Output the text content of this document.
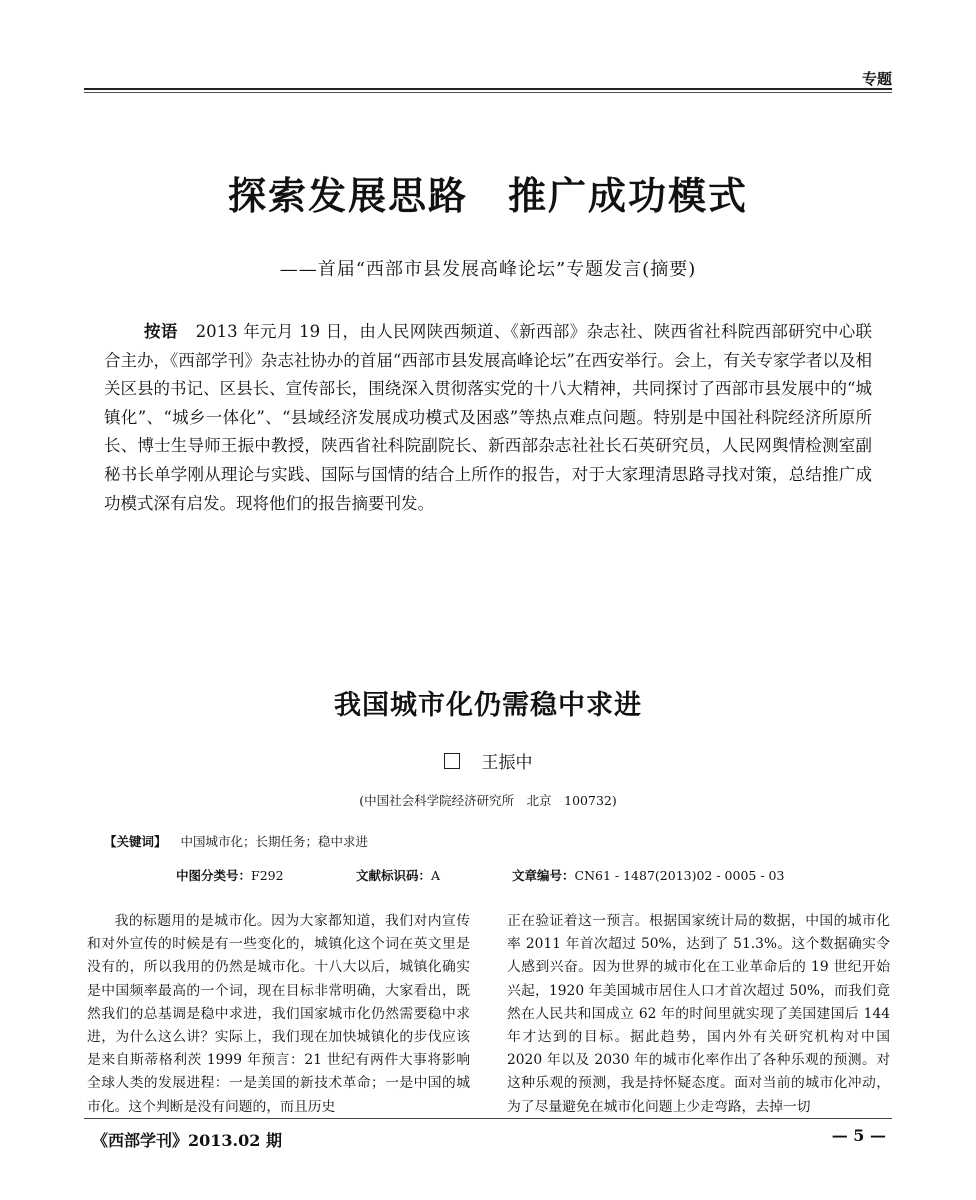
专题
探索发展思路　推广成功模式
——首届“西部市县发展高峰论坛”专题发言(摘要)
按语 2013 年元月 19 日，由人民网陕西频道、《新西部》杂志社、陕西省社科院西部研究中心联合主办，《西部学刊》杂志社协办的首届“西部市县发展高峰论坛”在西安举行。会上，有关专家学者以及相关区县的书记、区县长、宣传部长，围绕深入贯彻落实党的十八大精神，共同探讨了西部市县发展中的“城镇化”、“城乡一体化”、“县域经济发展成功模式及困惑”等热点难点问题。特别是中国社科院经济所原所长、博士生导师王振中教授，陕西省社科院副院长、新西部杂志社社长石英研究员，人民网舆情检测室副秘书长单学刚从理论与实践、国际与国情的结合上所作的报告，对于大家理清思路寻找对策，总结推广成功模式深有启发。现将他们的报告摘要刊发。
我国城市化仍需稳中求进
王振中
(中国社会科学院经济研究所　北京　100732)
【关键词】 中国城市化；长期任务；稳中求进
中图分类号：F292	文献标识码：A	文章编号：CN61 - 1487(2013)02 - 0005 - 03
我的标题用的是城市化。因为大家都知道，我们对内宣传和对外宣传的时候是有一些变化的，城镇化这个词在英文里是没有的，所以我用的仍然是城市化。十八大以后，城镇化确实是中国频率最高的一个词，现在目标非常明确，大家看出，既然我们的总基调是稳中求进，我们国家城市化仍然需要稳中求进，为什么这么讲？实际上，我们现在加快城镇化的步伐应该是来自斯蒂格利茨 1999 年预言：21 世纪有两件大事将影响全球人类的发展进程：一是美国的新技术革命；一是中国的城市化。这个判断是没有问题的，而且历史
正在验证着这一预言。根据国家统计局的数据，中国的城市化率 2011 年首次超过 50%，达到了 51.3%。这个数据确实令人感到兴奋。因为世界的城市化在工业革命后的 19 世纪开始兴起，1920 年美国城市居住人口才首次超过 50%，而我们竟然在人民共和国成立 62 年的时间里就实现了美国建国后 144 年才达到的目标。据此趋势，国内外有关研究机构对中国 2020 年以及 2030 年的城市化率作出了各种乐观的预测。对这种乐观的预测，我是持怀疑态度。面对当前的城市化冲动，为了尽量避免在城市化问题上少走弯路，去掉一切
《西部学刊》2013.02 期	— 5 —
